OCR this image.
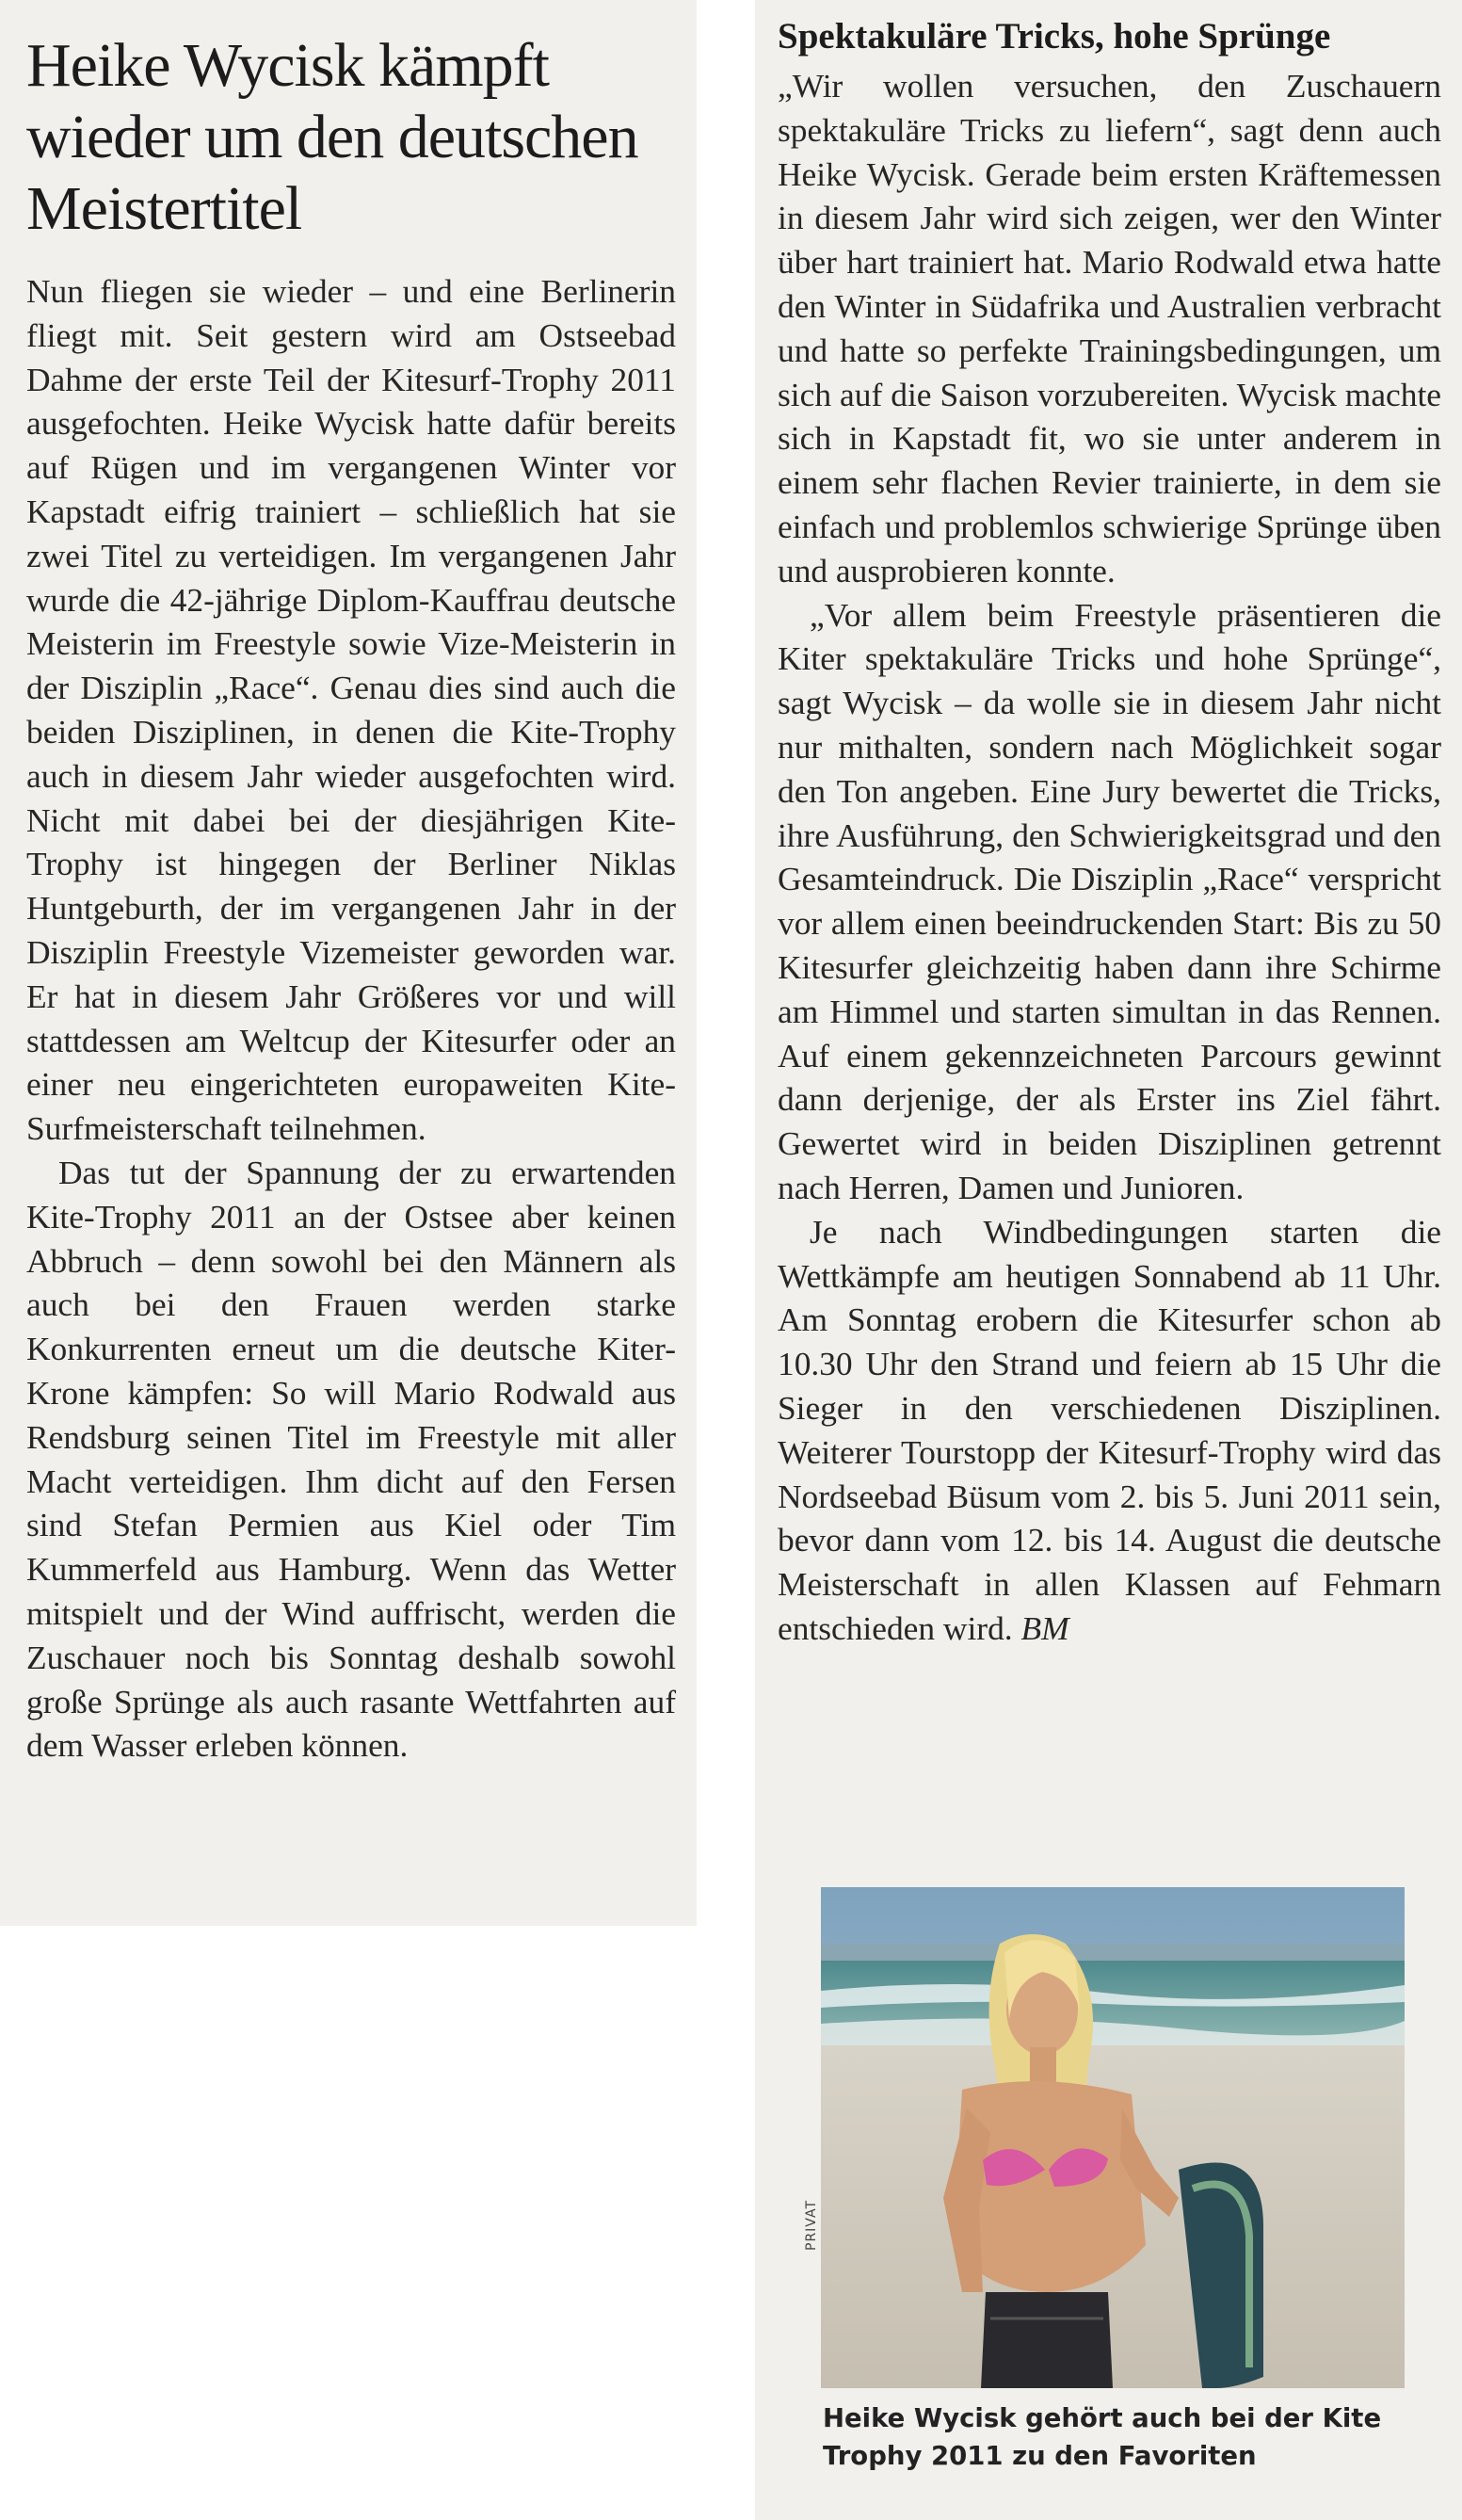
Heike Wycisk kämpft wieder um den deutschen Meistertitel

Nun fliegen sie wieder – und eine Berlinerin fliegt mit. Seit gestern wird am Ostseebad Dahme der erste Teil der Kitesurf-Trophy 2011 ausgefochten. Heike Wycisk hatte dafür bereits auf Rügen und im vergangenen Winter vor Kapstadt eifrig trainiert – schließlich hat sie zwei Titel zu verteidigen. Im vergangenen Jahr wurde die 42-jährige Diplom-Kauffrau deutsche Meisterin im Freestyle sowie Vize-Meisterin in der Disziplin „Race“. Genau dies sind auch die beiden Disziplinen, in denen die Kite-Trophy auch in diesem Jahr wieder ausgefochten wird. Nicht mit dabei bei der diesjährigen Kite-Trophy ist hingegen der Berliner Niklas Huntgeburth, der im vergangenen Jahr in der Disziplin Freestyle Vizemeister geworden war. Er hat in diesem Jahr Größeres vor und will stattdessen am Weltcup der Kitesurfer oder an einer neu eingerichteten europaweiten Kite-Surfmeisterschaft teilnehmen.

Das tut der Spannung der zu erwartenden Kite-Trophy 2011 an der Ostsee aber keinen Abbruch – denn sowohl bei den Männern als auch bei den Frauen werden starke Konkurrenten erneut um die deutsche Kiter-Krone kämpfen: So will Mario Rodwald aus Rendsburg seinen Titel im Freestyle mit aller Macht verteidigen. Ihm dicht auf den Fersen sind Stefan Permien aus Kiel oder Tim Kummerfeld aus Hamburg. Wenn das Wetter mitspielt und der Wind auffrischt, werden die Zuschauer noch bis Sonntag deshalb sowohl große Sprünge als auch rasante Wettfahrten auf dem Wasser erleben können.

Spektakuläre Tricks, hohe Sprünge

„Wir wollen versuchen, den Zuschauern spektakuläre Tricks zu liefern“, sagt denn auch Heike Wycisk. Gerade beim ersten Kräftemessen in diesem Jahr wird sich zeigen, wer den Winter über hart trainiert hat. Mario Rodwald etwa hatte den Winter in Südafrika und Australien verbracht und hatte so perfekte Trainingsbedingungen, um sich auf die Saison vorzubereiten. Wycisk machte sich in Kapstadt fit, wo sie unter anderem in einem sehr flachen Revier trainierte, in dem sie einfach und problemlos schwierige Sprünge üben und ausprobieren konnte.

„Vor allem beim Freestyle präsentieren die Kiter spektakuläre Tricks und hohe Sprünge“, sagt Wycisk – da wolle sie in diesem Jahr nicht nur mithalten, sondern nach Möglichkeit sogar den Ton angeben. Eine Jury bewertet die Tricks, ihre Ausführung, den Schwierigkeitsgrad und den Gesamteindruck. Die Disziplin „Race“ verspricht vor allem einen beeindruckenden Start: Bis zu 50 Kitesurfer gleichzeitig haben dann ihre Schirme am Himmel und starten simultan in das Rennen. Auf einem gekennzeichneten Parcours gewinnt dann derjenige, der als Erster ins Ziel fährt. Gewertet wird in beiden Disziplinen getrennt nach Herren, Damen und Junioren.

Je nach Windbedingungen starten die Wettkämpfe am heutigen Sonnabend ab 11 Uhr. Am Sonntag erobern die Kitesurfer schon ab 10.30 Uhr den Strand und feiern ab 15 Uhr die Sieger in den verschiedenen Disziplinen. Weiterer Tourstopp der Kitesurf-Trophy wird das Nordseebad Büsum vom 2. bis 5. Juni 2011 sein, bevor dann vom 12. bis 14. August die deutsche Meisterschaft in allen Klassen auf Fehmarn entschieden wird. BM

PRIVAT
Heike Wycisk gehört auch bei der Kite Trophy 2011 zu den Favoriten
